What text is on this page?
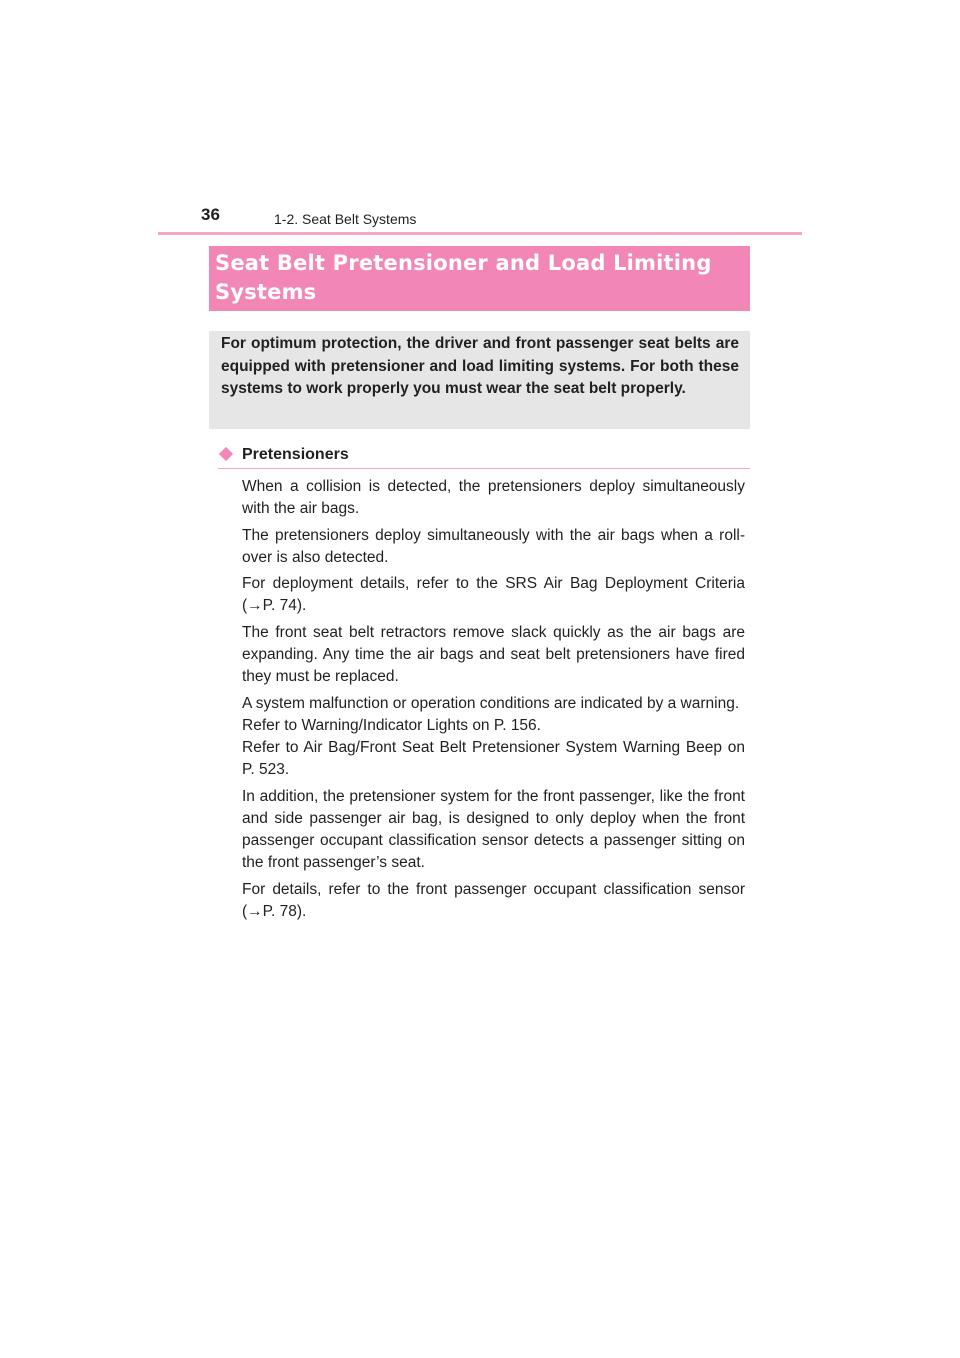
36	1-2. Seat Belt Systems
Seat Belt Pretensioner and Load Limiting Systems

For optimum protection, the driver and front passenger seat belts are equipped with pretensioner and load limiting systems. For both these systems to work properly you must wear the seat belt properly.

Pretensioners

When a collision is detected, the pretensioners deploy simultaneously with the air bags.

The pretensioners deploy simultaneously with the air bags when a roll-over is also detected.

For deployment details, refer to the SRS Air Bag Deployment Criteria (→P. 74).

The front seat belt retractors remove slack quickly as the air bags are expanding. Any time the air bags and seat belt pretensioners have fired they must be replaced.

A system malfunction or operation conditions are indicated by a warning.

Refer to Warning/Indicator Lights on P. 156.

Refer to Air Bag/Front Seat Belt Pretensioner System Warning Beep on P. 523.

In addition, the pretensioner system for the front passenger, like the front and side passenger air bag, is designed to only deploy when the front passenger occupant classification sensor detects a passenger sitting on the front passenger’s seat.

For details, refer to the front passenger occupant classification sensor (→P. 78).
